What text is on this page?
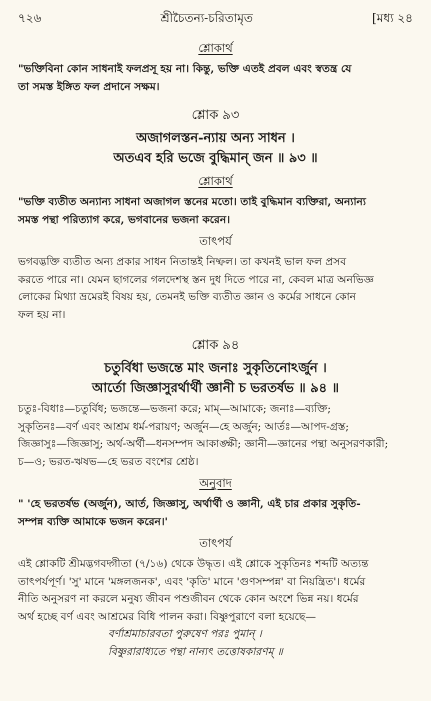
৭২৬	শ্রীচৈতন্য-চরিতামৃত	[মধ্য ২৪
শ্লোকার্থ
"ভক্তিবিনা কোন সাধনাই ফলপ্রসূ হয় না। কিন্তু, ভক্তি এতই প্রবল এবং স্বতন্ত্র যে
তা সমস্ত ইঙ্গিত ফল প্রদানে সক্ষম।
শ্লোক ৯৩
অজাগলস্তন-ন্যায় অন্য সাধন ।
অতএব হরি ভজে বুদ্ধিমান্ জন ॥ ৯৩ ॥
শ্লোকার্থ
"ভক্তি ব্যতীত অন্যান্য সাধনা অজাগল স্তনের মতো। তাই বুদ্ধিমান ব্যক্তিরা, অন্যান্য
সমস্ত পন্থা পরিত্যাগ করে, ভগবানের ভজনা করেন।
তাৎপর্য
ভগবদ্ভক্তি ব্যতীত অন্য প্রকার সাধন নিতান্তই নিষ্ফল। তা কখনই ভাল ফল প্রসব
করতে পারে না। যেমন ছাগলের গলদেশস্থ স্তন দুধ দিতে পারে না, কেবল মাত্র অনভিজ্ঞ
লোকের মিথ্যা ভ্রমেরই বিষয় হয়, তেমনই ভক্তি ব্যতীত জ্ঞান ও কর্মের সাধনে কোন
ফল হয় না।
শ্লোক ৯৪
চতুর্বিধা ভজন্তে মাং জনাঃ সুকৃতিনোঽর্জুন ।
আর্তো জিজ্ঞাসুরর্থার্থী জ্ঞানী চ ভরতর্ষভ ॥ ৯৪ ॥
চতুঃ-বিধাঃ—চতুর্বিধ; ভজন্তে—ভজনা করে; মাম্—আমাকে; জনাঃ—ব্যক্তি;
সুকৃতিনঃ—বর্ণ এবং আশ্রম ধর্ম-পরায়ণ; অর্জুন—হে অর্জুন; আর্তঃ—আপদ-গ্রস্ত;
জিজ্ঞাসুঃ—জিজ্ঞাসু; অর্থ-অর্থী—ধনসম্পদ আকাঙ্ক্ষী; জ্ঞানী—জ্ঞানের পন্থা অনুসরণকারী;
চ—ও; ভরত-ঋষভ—হে ভরত বংশের শ্রেষ্ঠ।
অনুবাদ
" 'হে ভরতর্ষভ (অর্জুন), আর্ত, জিজ্ঞাসু, অর্থার্থী ও জ্ঞানী, এই চার প্রকার সুকৃতি-
সম্পন্ন ব্যক্তি আমাকে ভজন করেন।'
তাৎপর্য
এই শ্লোকটি শ্রীমদ্ভগবদ্গীতা (৭/১৬) থেকে উদ্ধৃত। এই শ্লোকে সুকৃতিনঃ শব্দটি অত্যন্ত
তাৎপর্যপূর্ণ। 'সু' মানে 'মঙ্গলজনক', এবং 'কৃতি' মানে 'গুণসম্পন্ন' বা নিয়ন্ত্রিত'। ধর্মের
নীতি অনুসরণ না করলে মনুষ্য জীবন পশুজীবন থেকে কোন অংশে ভিন্ন নয়। ধর্মের
অর্থ হচ্ছে বর্ণ এবং আশ্রমের বিধি পালন করা। বিষ্ণুপুরাণে বলা হয়েছে—
বর্ণাশ্রমাচারবতা পুরুষেণ পরঃ পুমান্ ।
বিষ্ণুরারাধ্যতে পন্থা নান্যৎ তত্তোষকারণম্ ॥
